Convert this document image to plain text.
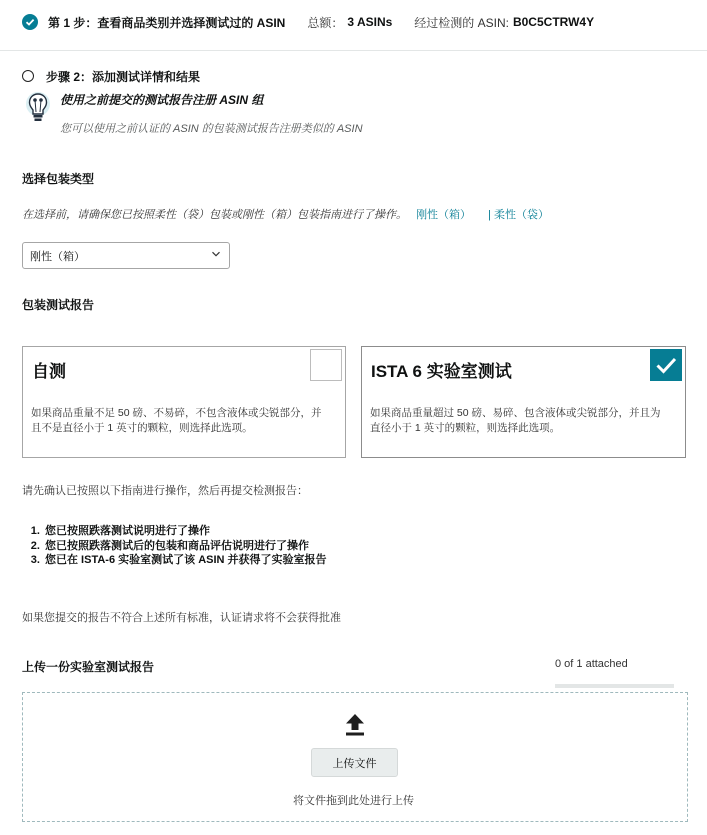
第 1 步：查看商品类别并选择测试过的 ASIN 总额： 3 ASINs 经过检测的 ASIN: B0C5CTRW4Y
步骤 2：添加测试详情和结果
使用之前提交的测试报告注册 ASIN 组
您可以使用之前认证的 ASIN 的包装测试报告注册类似的 ASIN
选择包装类型
在选择前，请确保您已按照柔性（袋）包装或刚性（箱）包装指南进行了操作。 刚性（箱） | 柔性（袋）
刚性（箱）
包装测试报告
自测
如果商品重量不足 50 磅、不易碎，不包含液体或尖锐部分，并且不是直径小于 1 英寸的颗粒，则选择此选项。
ISTA 6 实验室测试
如果商品重量超过 50 磅、易碎、包含液体或尖锐部分，并且为直径小于 1 英寸的颗粒，则选择此选项。
请先确认已按照以下指南进行操作，然后再提交检测报告：
1. 您已按照跌落测试说明进行了操作
2. 您已按照跌落测试后的包装和商品评估说明进行了操作
3. 您已在 ISTA-6 实验室测试了该 ASIN 并获得了实验室报告
如果您提交的报告不符合上述所有标准，认证请求将不会获得批准
上传一份实验室测试报告	0 of 1 attached
上传文件
将文件拖到此处进行上传
